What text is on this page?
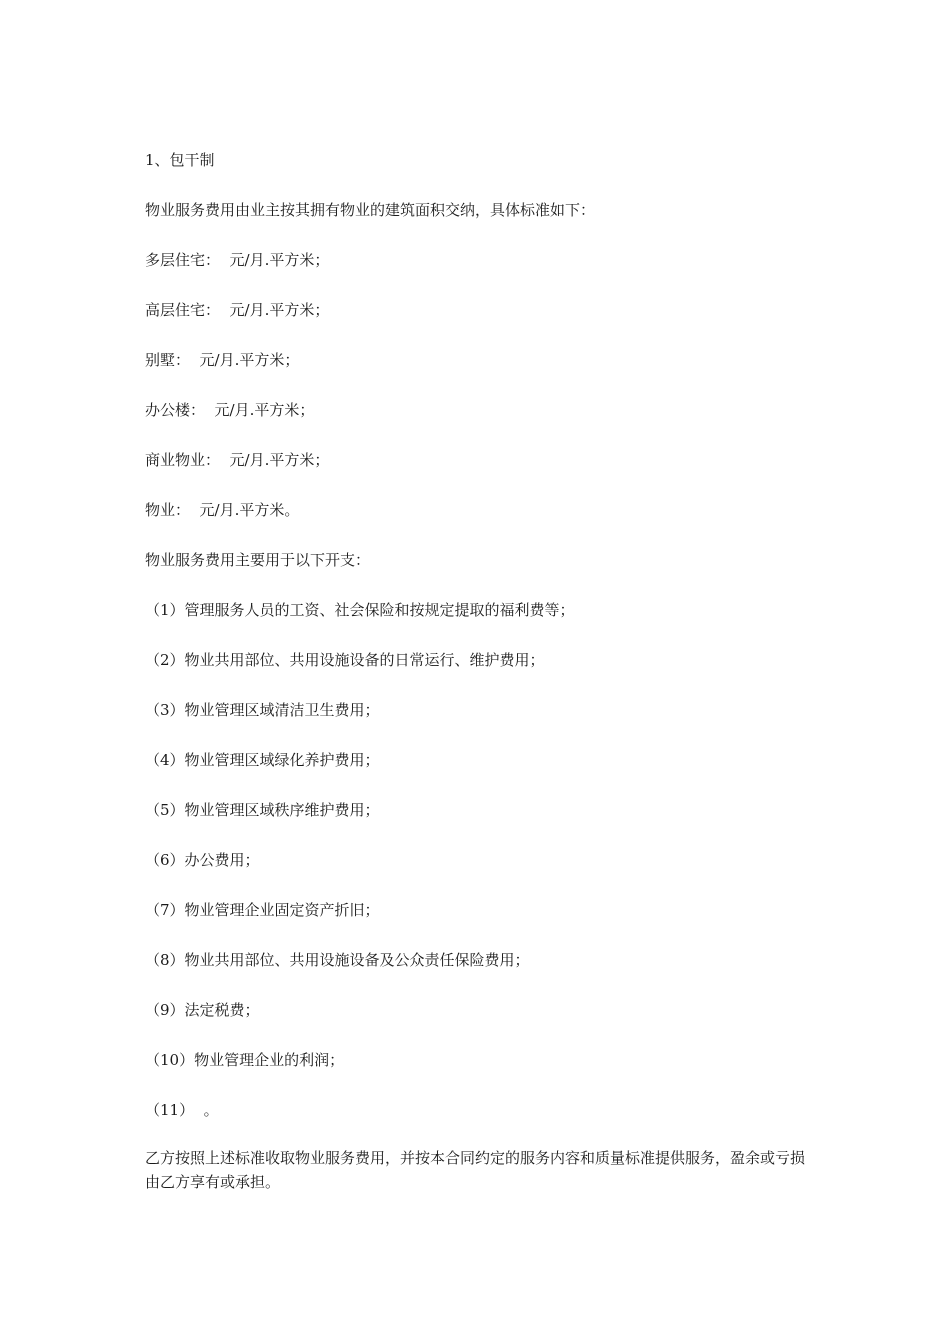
1、包干制

物业服务费用由业主按其拥有物业的建筑面积交纳，具体标准如下：

多层住宅：  元/月.平方米；

高层住宅：  元/月.平方米；

别墅：  元/月.平方米；

办公楼：  元/月.平方米；

商业物业：  元/月.平方米；

物业：  元/月.平方米。

物业服务费用主要用于以下开支：

（1）管理服务人员的工资、社会保险和按规定提取的福利费等；

（2）物业共用部位、共用设施设备的日常运行、维护费用；

（3）物业管理区域清洁卫生费用；

（4）物业管理区域绿化养护费用；

（5）物业管理区域秩序维护费用；

（6）办公费用；

（7）物业管理企业固定资产折旧；

（8）物业共用部位、共用设施设备及公众责任保险费用；

（9）法定税费；

（10）物业管理企业的利润；

（11）  。

乙方按照上述标准收取物业服务费用，并按本合同约定的服务内容和质量标准提供服务，盈余或亏损由乙方享有或承担。
